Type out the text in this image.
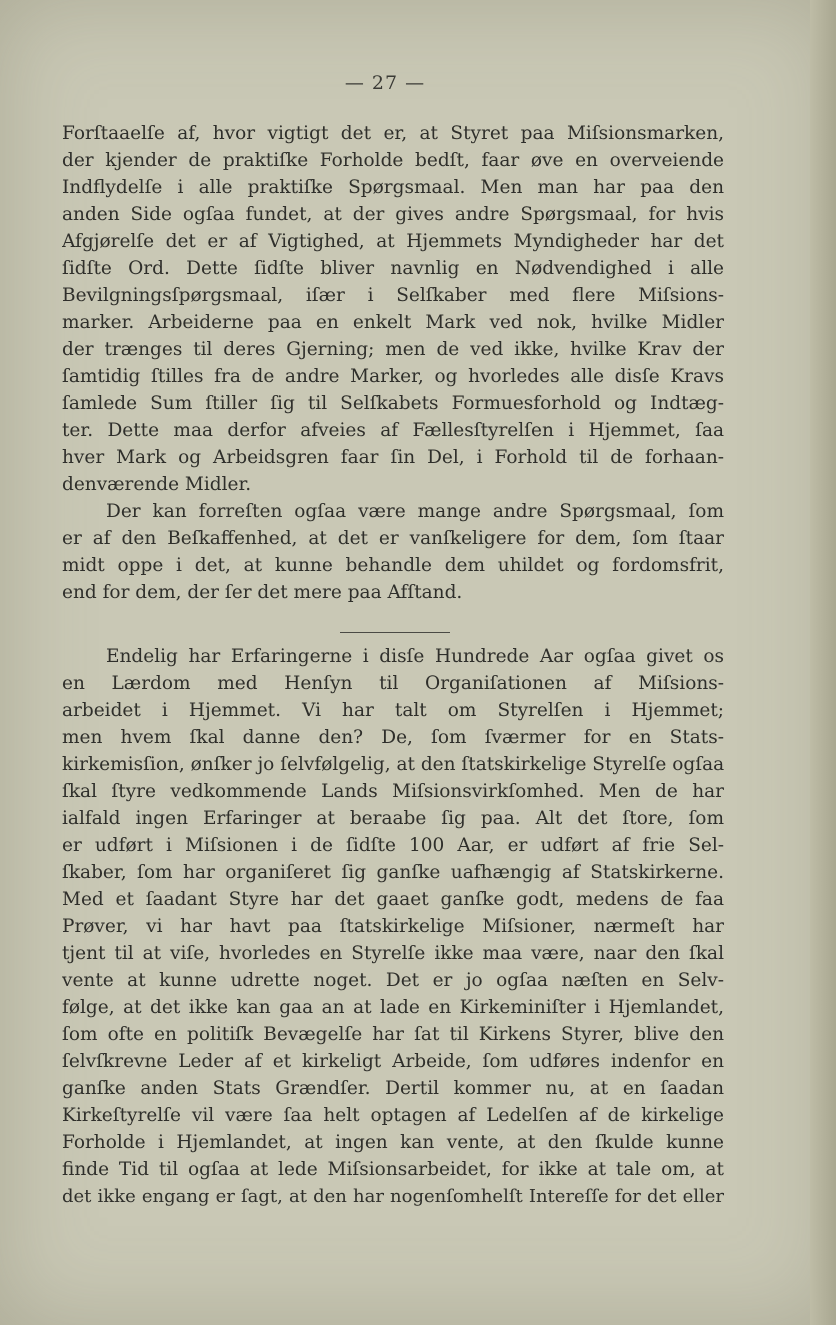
— 27 —
Forſtaaelſe af, hvor vigtigt det er, at Styret paa Miſsionsmarken,
der kjender de praktiſke Forholde bedſt, faar øve en overveiende
Indflydelſe i alle praktiſke Spørgsmaal. Men man har paa den
anden Side ogſaa fundet, at der gives andre Spørgsmaal, for hvis
Afgjørelſe det er af Vigtighed, at Hjemmets Myndigheder har det
ſidſte Ord. Dette ſidſte bliver navnlig en Nødvendighed i alle
Bevilgningsſpørgsmaal, iſær i Selſkaber med flere Miſsions-
marker. Arbeiderne paa en enkelt Mark ved nok, hvilke Midler
der trænges til deres Gjerning; men de ved ikke, hvilke Krav der
ſamtidig ſtilles fra de andre Marker, og hvorledes alle disſe Kravs
ſamlede Sum ſtiller ſig til Selſkabets Formuesforhold og Indtæg-
ter. Dette maa derfor afveies af Fællesſtyrelſen i Hjemmet, ſaa
hver Mark og Arbeidsgren faar ſin Del, i Forhold til de forhaan-
denværende Midler.
Der kan forreſten ogſaa være mange andre Spørgsmaal, ſom
er af den Beſkaffenhed, at det er vanſkeligere for dem, ſom ſtaar
midt oppe i det, at kunne behandle dem uhildet og fordomsfrit,
end for dem, der ſer det mere paa Afſtand.
Endelig har Erfaringerne i disſe Hundrede Aar ogſaa givet os
en Lærdom med Henſyn til Organiſationen af Miſsions-
arbeidet i Hjemmet. Vi har talt om Styrelſen i Hjemmet;
men hvem ſkal danne den? De, ſom ſværmer for en Stats-
kirkemisſion, ønſker jo ſelvfølgelig, at den ſtatskirkelige Styrelſe ogſaa
ſkal ſtyre vedkommende Lands Miſsionsvirkſomhed. Men de har
ialfald ingen Erfaringer at beraabe ſig paa. Alt det ſtore, ſom
er udført i Miſsionen i de ſidſte 100 Aar, er udført af frie Sel-
ſkaber, ſom har organiſeret ſig ganſke uafhængig af Statskirkerne.
Med et ſaadant Styre har det gaaet ganſke godt, medens de faa
Prøver, vi har havt paa ſtatskirkelige Miſsioner, nærmeſt har
tjent til at viſe, hvorledes en Styrelſe ikke maa være, naar den ſkal
vente at kunne udrette noget. Det er jo ogſaa næſten en Selv-
følge, at det ikke kan gaa an at lade en Kirkeminiſter i Hjemlandet,
ſom ofte en politiſk Bevægelſe har ſat til Kirkens Styrer, blive den
ſelvſkrevne Leder af et kirkeligt Arbeide, ſom udføres indenfor en
ganſke anden Stats Grændſer. Dertil kommer nu, at en ſaadan
Kirkeſtyrelſe vil være ſaa helt optagen af Ledelſen af de kirkelige
Forholde i Hjemlandet, at ingen kan vente, at den ſkulde kunne
finde Tid til ogſaa at lede Miſsionsarbeidet, for ikke at tale om, at
det ikke engang er ſagt, at den har nogenſomhelſt Intereſſe for det eller
